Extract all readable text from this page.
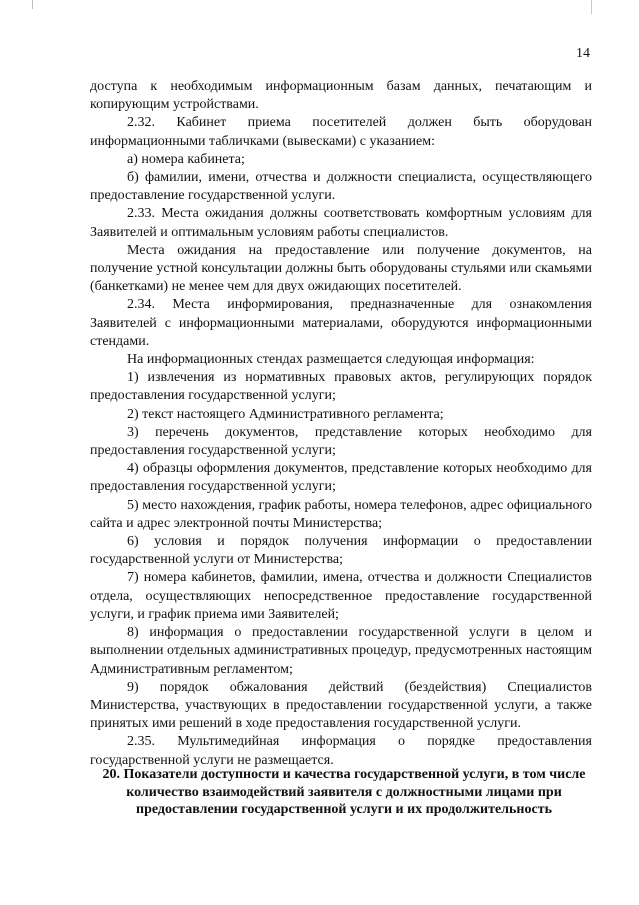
14

доступа к необходимым информационным базам данных, печатающим и копирующим устройствами.

2.32. Кабинет приема посетителей должен быть оборудован информационными табличками (вывесками) с указанием:

а) номера кабинета;

б) фамилии, имени, отчества и должности специалиста, осуществляющего предоставление государственной услуги.

2.33. Места ожидания должны соответствовать комфортным условиям для Заявителей и оптимальным условиям работы специалистов.

Места ожидания на предоставление или получение документов, на получение устной консультации должны быть оборудованы стульями или скамьями (банкетками) не менее чем для двух ожидающих посетителей.

2.34. Места информирования, предназначенные для ознакомления Заявителей с информационными материалами, оборудуются информационными стендами.

На информационных стендах размещается следующая информация:

1) извлечения из нормативных правовых актов, регулирующих порядок предоставления государственной услуги;

2) текст настоящего Административного регламента;

3) перечень документов, представление которых необходимо для предоставления государственной услуги;

4) образцы оформления документов, представление которых необходимо для предоставления государственной услуги;

5) место нахождения, график работы, номера телефонов, адрес официального сайта и адрес электронной почты Министерства;

6) условия и порядок получения информации о предоставлении государственной услуги от Министерства;

7) номера кабинетов, фамилии, имена, отчества и должности Специалистов отдела, осуществляющих непосредственное предоставление государственной услуги, и график приема ими Заявителей;

8) информация о предоставлении государственной услуги в целом и выполнении отдельных административных процедур, предусмотренных настоящим Административным регламентом;

9) порядок обжалования действий (бездействия) Специалистов Министерства, участвующих в предоставлении государственной услуги, а также принятых ими решений в ходе предоставления государственной услуги.

2.35. Мультимедийная информация о порядке предоставления государственной услуги не размещается.

20. Показатели доступности и качества государственной услуги, в том числе количество взаимодействий заявителя с должностными лицами при предоставлении государственной услуги и их продолжительность
